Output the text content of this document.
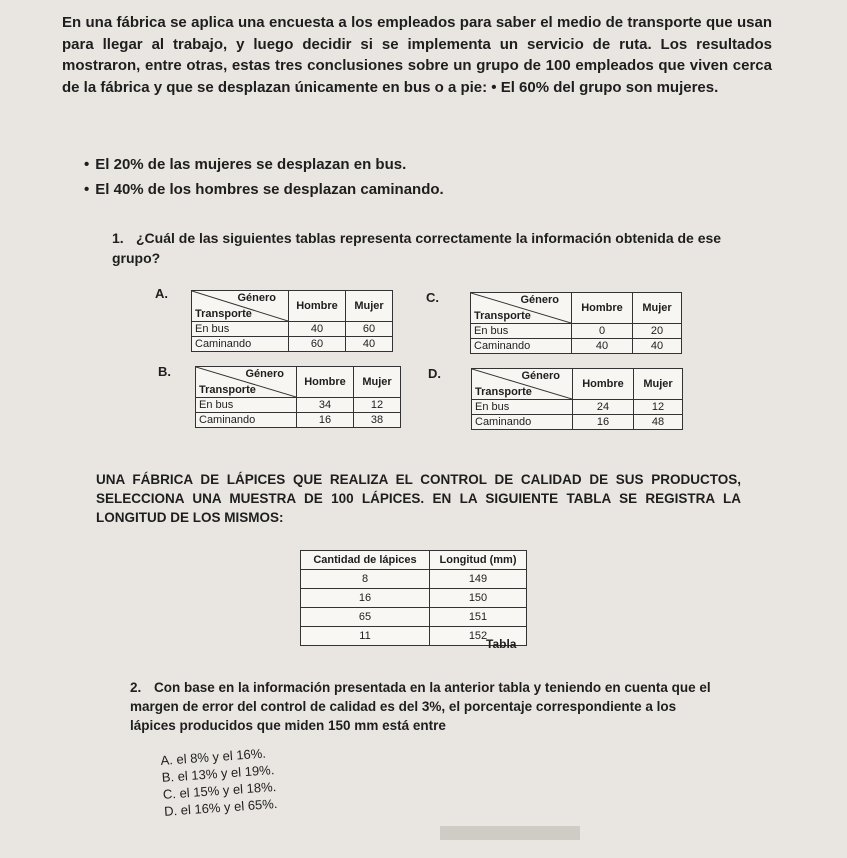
En una fábrica se aplica una encuesta a los empleados para saber el medio de transporte que usan para llegar al trabajo, y luego decidir si se implementa un servicio de ruta. Los resultados mostraron, entre otras, estas tres conclusiones sobre un grupo de 100 empleados que viven cerca de la fábrica y que se desplazan únicamente en bus o a pie: • El 60% del grupo son mujeres.
• El 20% de las mujeres se desplazan en bus.
• El 40% de los hombres se desplazan caminando.
1. ¿Cuál de las siguientes tablas representa correctamente la información obtenida de ese grupo?
A.	Género
Transporte	Hombre	Mujer
En bus	40	60
Caminando	60	40
C.	Género
Transporte	Hombre	Mujer
En bus	0	20
Caminando	40	40
B.	Género
Transporte	Hombre	Mujer
En bus	34	12
Caminando	16	38
D.	Género
Transporte	Hombre	Mujer
En bus	24	12
Caminando	16	48
UNA FÁBRICA DE LÁPICES QUE REALIZA EL CONTROL DE CALIDAD DE SUS PRODUCTOS, SELECCIONA UNA MUESTRA DE 100 LÁPICES. EN LA SIGUIENTE TABLA SE REGISTRA LA LONGITUD DE LOS MISMOS:
Cantidad de lápices	Longitud (mm)
8	149
16	150
65	151
11	152
Tabla
2. Con base en la información presentada en la anterior tabla y teniendo en cuenta que el margen de error del control de calidad es del 3%, el porcentaje correspondiente a los lápices producidos que miden 150 mm está entre
A. el 8% y el 16%.
B. el 13% y el 19%.
C. el 15% y el 18%.
D. el 16% y el 65%.
